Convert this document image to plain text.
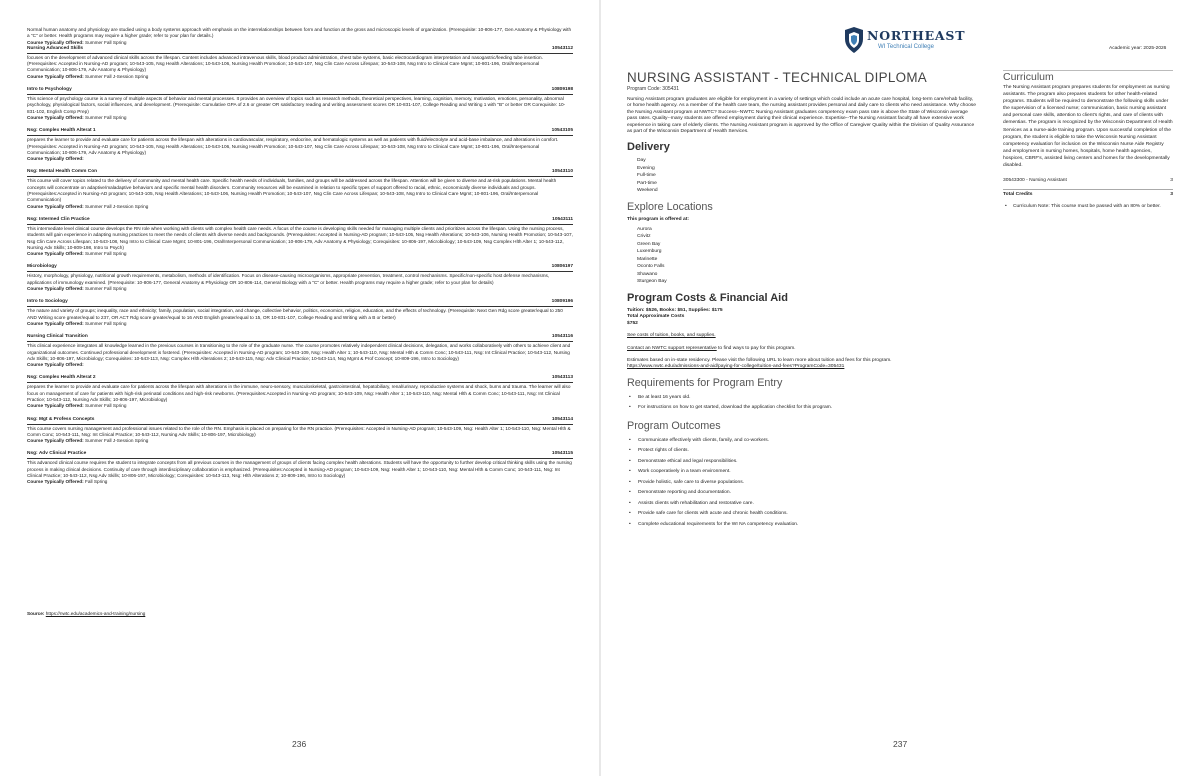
Normal human anatomy and physiology are studied using a body systems approach with emphasis on the interrelationships between form and function at the gross and microscopic levels of organization. (Prerequisite: 10-806-177, Gen Anatomy & Physiology with a "C" or better. Health programs may require a higher grade; refer to your plan for details.)

Course Typically Offered: Summer Fall Spring
Nursing Advanced Skills	10543112

focuses on the development of advanced clinical skills across the lifespan. Content includes advanced intravenous skills, blood product administration, chest tube systems, basic electrocardiogram interpretation and nasogastric/feeding tube insertion. (Prerequisites: Accepted in Nursing-AD program; 10-543-105, Nsg Health Alterations; 10-543-106, Nursing Health Promotion; 10-543-107, Nsg Clin Care Across Lifespan; 10-543-108, Nsg Intro to Clinical Care Mgmt; 10-801-196, Oral/Interpersonal Communication; 10-806-179, Adv Anatomy & Physiology)

Course Typically Offered: Summer Fall J-Session Spring
Intro to Psychology	10809198

This science of psychology course is a survey of multiple aspects of behavior and mental processes. It provides an overview of topics such as research methods, theoretical perspectives, learning, cognition, memory, motivation, emotions, personality, abnormal psychology, physiological factors, social influences, and development. (Prerequisite: Cumulative GPA of 2.6 or greater OR satisfactory reading and writing assessment scores OR 10-831-107, College Reading and Writing 1 with "B" or better OR Corequisite: 10-831-102, English Comp Prep)

Course Typically Offered: Summer Fall Spring
Nsg: Complex Health Alterat 1	10543105

prepares the learner to provide and evaluate care for patients across the lifespan with alterations in cardiovascular, respiratory, endocrine, and hematologic systems as well as patients with fluid/electrolyte and acid-base imbalance, and alterations in comfort. (Prerequisites: Accepted in Nursing-AD program; 10-543-105, Nsg Health Alterations; 10-543-106, Nursing Health Promotion; 10-543-107, Nsg Clin Care Across Lifespan; 10-543-108, Nsg Intro to Clinical Care Mgmt; 10-801-196, Oral/Interpersonal Communication; 10-806-179, Adv Anatomy & Physiology)

Course Typically Offered:
Nsg: Mental Health Comm Con	10543110

This course will cover topics related to the delivery of community and mental health care. Specific health needs of individuals, families, and groups will be addressed across the lifespan. Attention will be given to diverse and at-risk populations. Mental health concepts will concentrate on adaptive/maladaptive behaviors and specific mental health disorders. Community resources will be examined in relation to specific types of support offered to racial, ethnic, economically diverse individuals and groups. (Prerequisites:Accepted in Nursing-AD program; 10-543-105, Nsg Health Alterations; 10-543-106, Nursing Health Promotion; 10-543-107, Nsg Clin Care Across Lifespan; 10-543-108, Nsg Intro to Clinical Care Mgmt; 10-801-196, Oral/Interpersonal Communication)

Course Typically Offered: Summer Fall J-Session Spring
Nsg: Intermed Clin Practice	10543111

This intermediate level clinical course develops the RN role when working with clients with complex health care needs. A focus of the course is developing skills needed for managing multiple clients and prioritizes across the lifespan. Using the nursing process, students will gain experience in adapting nursing practices to meet the needs of clients with diverse needs and backgrounds. (Prerequisites: Accepted in Nursing-AD program; 10-543-105, Nsg Health Alterations; 10-543-106, Nursing Health Promotion; 10-543-107, Nsg Clin Care Across Lifespan; 10-543-108, Nsg Intro to Clinical Care Mgmt; 10-801-196, Oral/Interpersonal Communication; 10-806-179, Adv Anatomy & Physiology; Corequisites: 10-806-197, Microbiology; 10-543-109, Nsg Complex Hlth Alter 1; 10-543-112, Nursing Adv Skills; 10-809-198, Intro to Psych)

Course Typically Offered: Summer Fall Spring
Microbiology	10806197

History, morphology, physiology, nutritional growth requirements, metabolism, methods of identification. Focus on disease-causing microorganisms, appropriate prevention, treatment, control mechanisms. Specific/non-specific host defense mechanisms, applications of immunology examined. (Prerequisite: 10-806-177, General Anatomy & Physiology OR 10-806-114, General Biology with a "C" or better. Health programs may require a higher grade; refer to your plan for details)

Course Typically Offered: Summer Fall Spring
Intro to Sociology	10809196

The nature and variety of groups; inequality, race and ethnicity; family, population, social integration, and change, collective behavior, politics, economics, religion, education, and the effects of technology. (Prerequisite: Next Gen Rdg score greater/equal to 250 AND Writing score greater/equal to 237, OR ACT Rdg score greater/equal to 16 AND English greater/equal to 15, OR 10-831-107, College Reading and Writing with a B or better)

Course Typically Offered: Summer Fall Spring
Nursing Clinical Transition	10543116

This clinical experience integrates all knowledge learned in the previous courses in transitioning to the role of the graduate nurse. The course promotes relatively independent clinical decisions, delegation, and works collaboratively with others to achieve client and organizational outcomes. Continued professional development is fostered. (Prerequisites: Accepted in Nursing-AD program; 10-543-109, Nsg: Health Alter 1; 10-543-110, Nsg: Mental Hlth & Comm Conc; 10-543-111, Nsg: Int Clinical Practice; 10-543-112, Nursing Adv Skills; 10-806-197, Microbiology; Corequisites: 10-543-113, Nsg: Complex Hlth Alterations 2; 10-543-115, Nsg: Adv Clinical Practice; 10-543-114, Nsg Mgmt & Prof Concept; 10-809-196, Intro to Sociology)

Course Typically Offered:
Nsg: Complex Health Alterat 2	10543113

prepares the learner to provide and evaluate care for patients across the lifespan with alterations in the immune, neuro-sensory, musculoskeletal, gastrointestinal, hepatobiliary, renal/urinary, reproductive systems and shock, burns and trauma. The learner will also focus on management of care for patients with high-risk perinatal conditions and high-risk newborns. (Prerequisites:Accepted in Nursing-AD program; 10-543-109, Nsg: Health Alter 1; 10-543-110, Nsg: Mental Hlth & Comm Conc; 10-543-111, Nsg: Int Clinical Practice; 10-543-112, Nursing Adv Skills; 10-806-197, Microbiology)

Course Typically Offered: Summer Fall Spring
Nsg: Mgt & Profess Concepts	10543114

This course covers nursing management and professional issues related to the role of the RN. Emphasis is placed on preparing for the RN practice. (Prerequisites: Accepted in Nursing-AD program; 10-543-109, Nsg: Health Alter 1; 10-543-110, Nsg: Mental Hlth & Comm Conc; 10-543-111, Nsg: Int Clinical Practice; 10-543-112, Nursing Adv Skills; 10-806-197, Microbiology)

Course Typically Offered: Summer Fall J-Session Spring
Nsg: Adv Clinical Practice	10543115

This advanced clinical course requires the student to integrate concepts from all previous courses in the management of groups of clients facing complex health alterations. Students will have the opportunity to further develop critical thinking skills using the nursing process in making clinical decisions. Continuity of care through interdisciplinary collaboration is emphasized. (Prerequisites:Accepted in Nursing-AD program; 10-543-109, Nsg: Health Alter 1; 10-543-110, Nsg: Mental Hlth & Comm Conc; 10-543-111, Nsg: Int Clinical Practice; 10-543-112, Nsg Adv Skills; 10-806-197, Microbiology; Corequisites: 10-543-113, Nsg: Hlth Alterations 2; 10-809-196, Intro to Sociology)

Course Typically Offered: Fall Spring
Source: https://nwtc.edu/academics-and-training/nursing
236
NORTHEAST
WI Technical College	Academic year: 2025-2026
NURSING ASSISTANT - TECHNICAL DIPLOMA
Program Code: 305431

Nursing Assistant program graduates are eligible for employment in a variety of settings which could include an acute care hospital, long-term care/rehab facility, or home health agency. As a member of the health care team, the nursing assistant provides personal and daily care to clients who need assistance. Why choose the Nursing Assistant program at NWTC? Success--NWTC Nursing Assistant graduates competency exam pass rate is above the State of Wisconsin average pass rates. Quality--many students are offered employment during their clinical experience. Expertise--The Nursing Assistant faculty all have extensive work experience in taking care of elderly clients. The Nursing Assistant program is approved by the Office of Caregiver Quality within the Division of Quality Assurance as part of the Wisconsin Department of Health Services.

Delivery
Day
Evening
Full-time
Part-time
Weekend
Explore Locations
This program is offered at:
Aurora
Crivitz
Green Bay
Luxemburg
Marinette
Oconto Falls
Shawano
Sturgeon Bay
Program Costs & Financial Aid
Tuition: $526, Books: $51, Supplies: $175
Total Approximate Costs
$752
See costs of tuition, books, and supplies.
Contact an NWTC support representative to find ways to pay for this program.
Estimates based on in-state residency. Please visit the following URL to learn more about tuition and fees for this program.
https://www.nwtc.edu/admissions-and-aid/paying-for-college/tuition-and-fees?ProgramCode=305431
Requirements for Program Entry
• Be at least 16 years old.
• For instructions on how to get started, download the application checklist for this program.
Program Outcomes
• Communicate effectively with clients, family, and co-workers.
• Protect rights of clients.
• Demonstrate ethical and legal responsibilities.
• Work cooperatively in a team environment.
• Provide holistic, safe care to diverse populations.
• Demonstrate reporting and documentation.
• Assists clients with rehabilitation and restorative care.
• Provide safe care for clients with acute and chronic health conditions.
• Complete educational requirements for the WI NA competency evaluation.
Curriculum

The Nursing Assistant program prepares students for employment as nursing assistants. The program also prepares students for other health-related programs. Students will be required to demonstrate the following skills under the supervision of a licensed nurse; communication, basic nursing assistant and personal care skills, attention to client's rights, and care of clients with dementias. The program is recognized by the Wisconsin Department of Health Services as a nurse-aide training program. Upon successful completion of the program, the student is eligible to take the Wisconsin Nursing Assistant competency evaluation for inclusion on the Wisconsin Nurse Aide Registry and employment in nursing homes, hospitals, home health agencies, hospices, CBRF's, assisted living centers and homes for the developmentally disabled.

30543300 - Nursing Assistant	3
Total Credits	3
• Curriculum Note: This course must be passed with an 80% or better.
237
